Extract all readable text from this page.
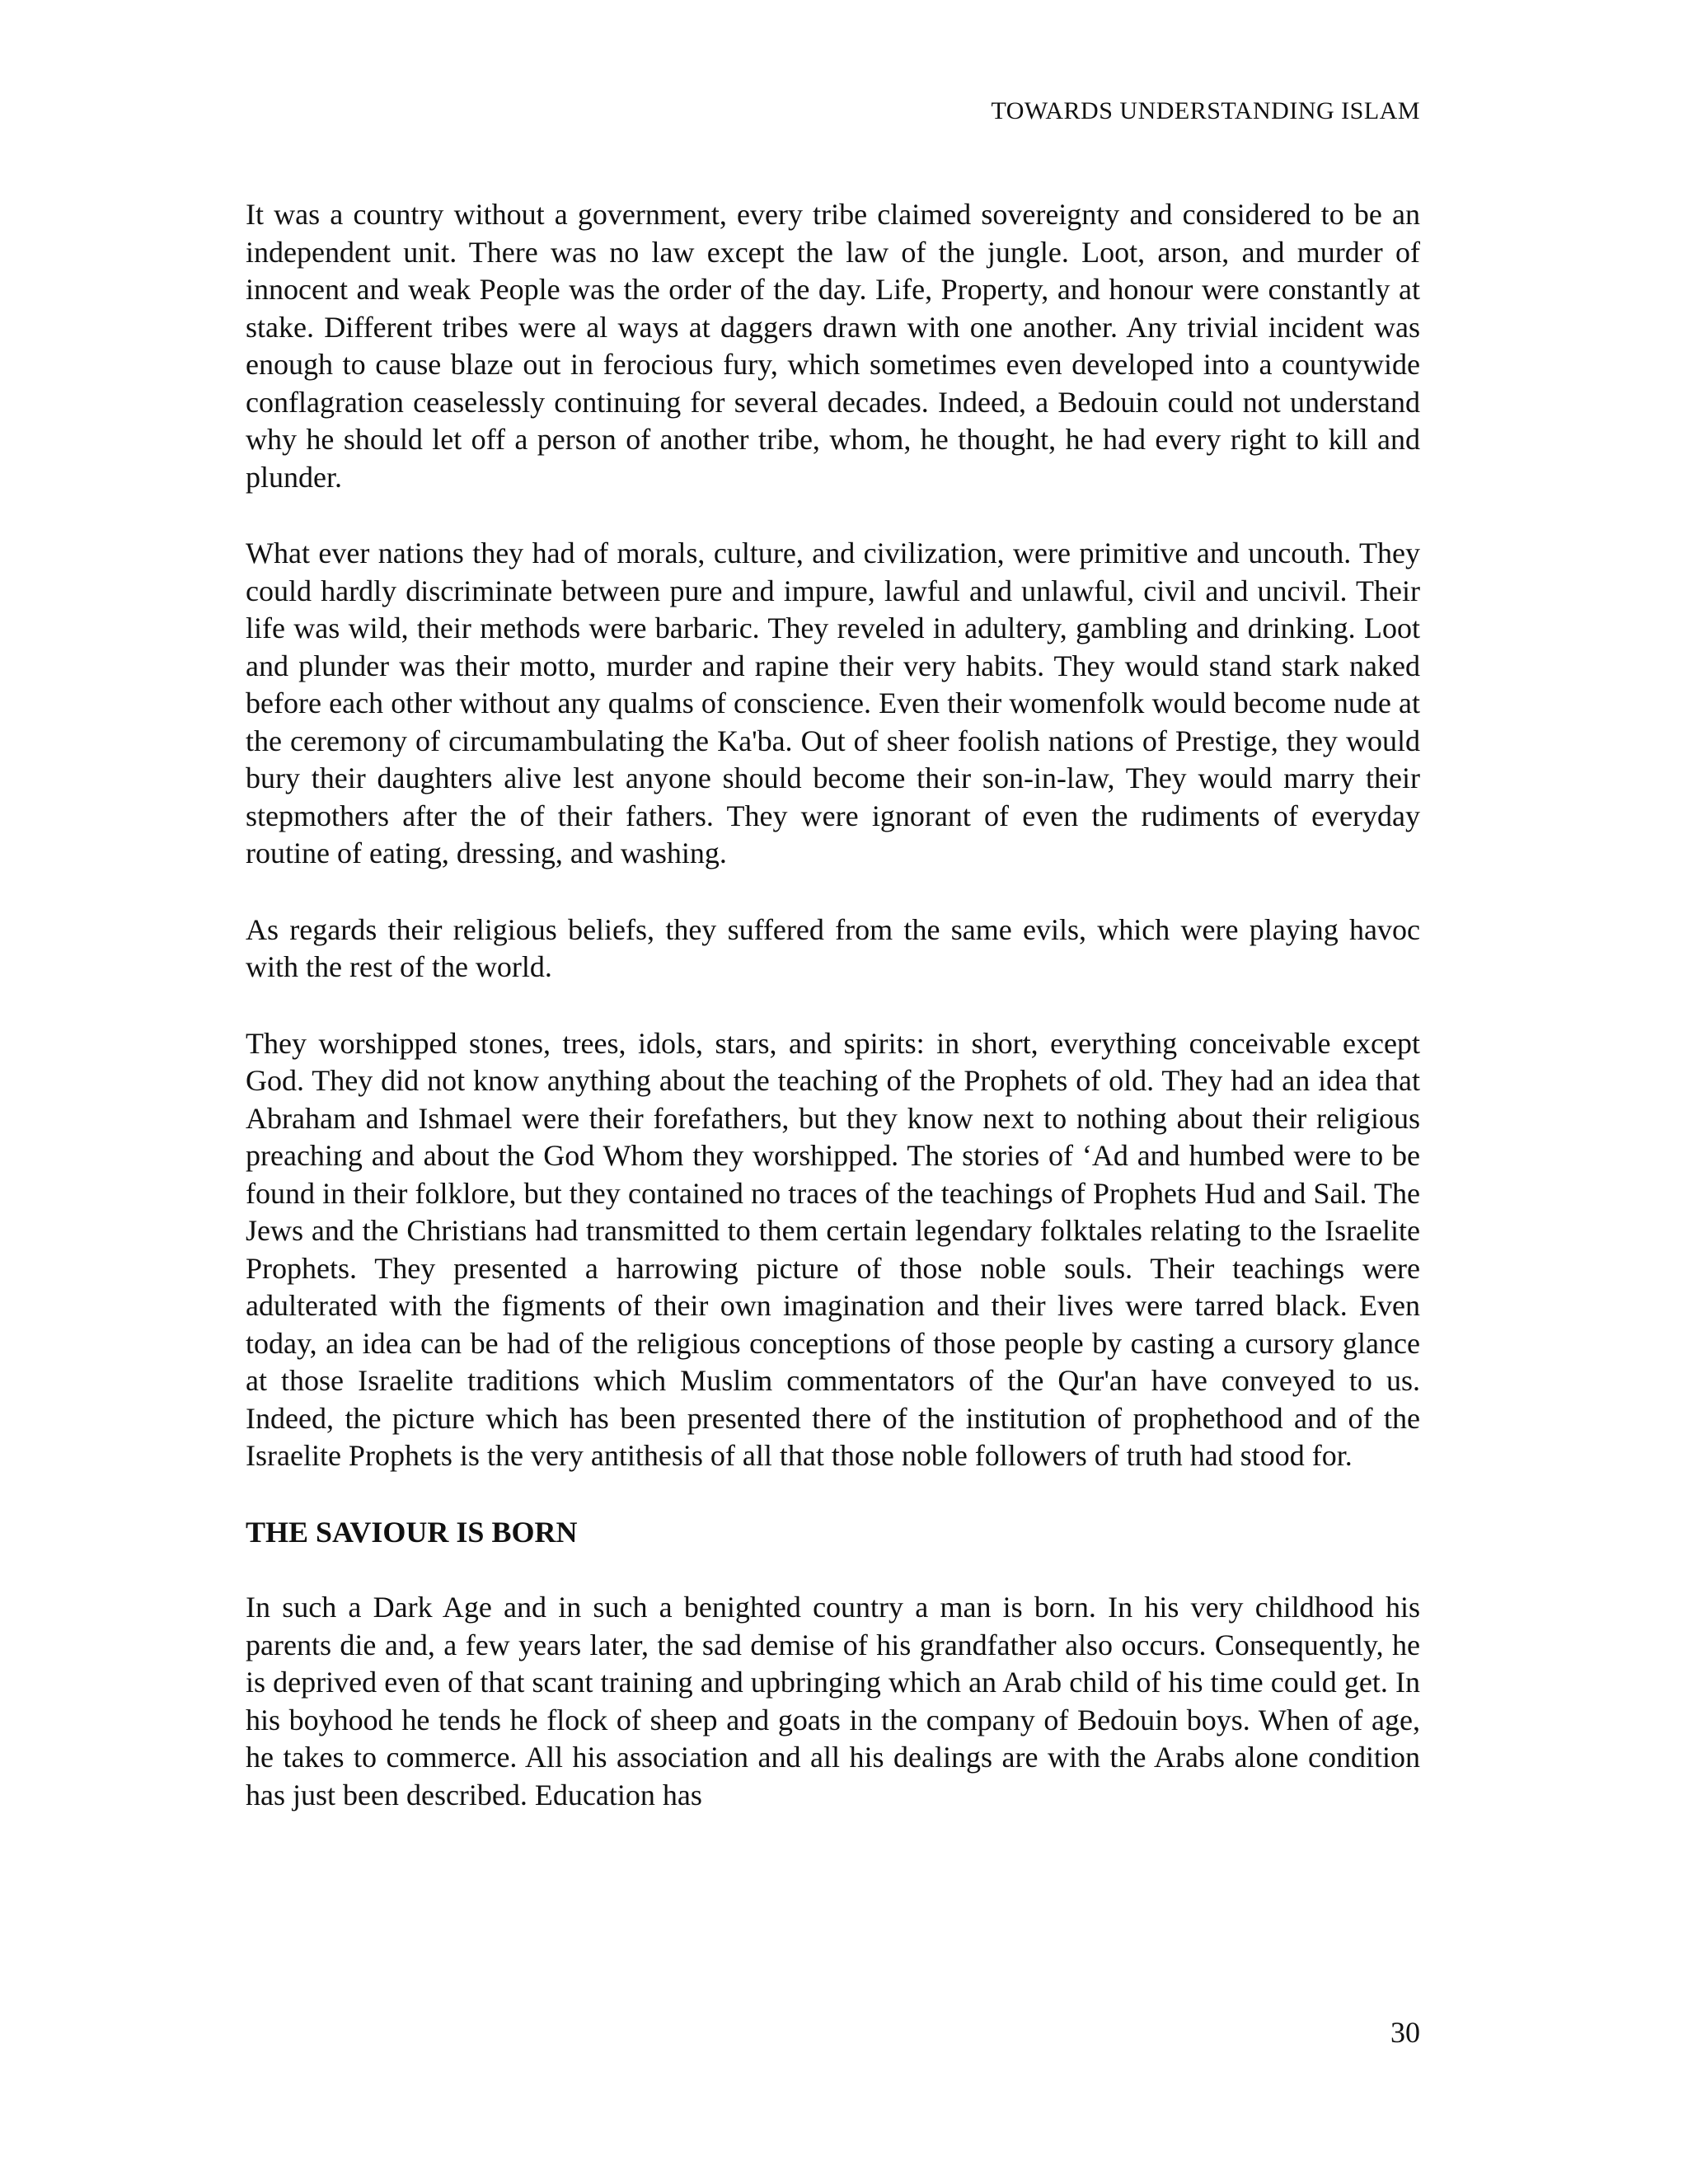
TOWARDS UNDERSTANDING ISLAM

It was a country without a government, every tribe claimed sovereignty and considered to be an independent unit. There was no law except the law of the jungle. Loot, arson, and murder of innocent and weak People was the order of the day. Life, Property, and honour were constantly at stake. Different tribes were al ways at daggers drawn with one another. Any trivial incident was enough to cause blaze out in ferocious fury, which sometimes even developed into a countywide conflagration ceaselessly continuing for several decades. Indeed, a Bedouin could not understand why he should let off a person of another tribe, whom, he thought, he had every right to kill and plunder.

What ever nations they had of morals, culture, and civilization, were primitive and uncouth. They could hardly discriminate between pure and impure, lawful and unlawful, civil and uncivil. Their life was wild, their methods were barbaric. They reveled in adultery, gambling and drinking. Loot and plunder was their motto, murder and rapine their very habits. They would stand stark naked before each other without any qualms of conscience. Even their womenfolk would become nude at the ceremony of circumambulating the Ka'ba. Out of sheer foolish nations of Prestige, they would bury their daughters alive lest anyone should become their son-in-law, They would marry their stepmothers after the of their fathers. They were ignorant of even the rudiments of everyday routine of eating, dressing, and washing.

As regards their religious beliefs, they suffered from the same evils, which were playing havoc with the rest of the world.

They worshipped stones, trees, idols, stars, and spirits: in short, everything conceivable except God. They did not know anything about the teaching of the Prophets of old. They had an idea that Abraham and Ishmael were their forefathers, but they know next to nothing about their religious preaching and about the God Whom they worshipped. The stories of ‘Ad and humbed were to be found in their folklore, but they contained no traces of the teachings of Prophets Hud and Sail. The Jews and the Christians had transmitted to them certain legendary folktales relating to the Israelite Prophets. They presented a harrowing picture of those noble souls. Their teachings were adulterated with the figments of their own imagination and their lives were tarred black. Even today, an idea can be had of the religious conceptions of those people by casting a cursory glance at those Israelite traditions which Muslim commentators of the Qur'an have conveyed to us. Indeed, the picture which has been presented there of the institution of prophethood and of the Israelite Prophets is the very antithesis of all that those noble followers of truth had stood for.

THE SAVIOUR IS BORN

In such a Dark Age and in such a benighted country a man is born. In his very childhood his parents die and, a few years later, the sad demise of his grandfather also occurs. Consequently, he is deprived even of that scant training and upbringing which an Arab child of his time could get. In his boyhood he tends he flock of sheep and goats in the company of Bedouin boys. When of age, he takes to commerce. All his association and all his dealings are with the Arabs alone condition has just been described. Education has

30
